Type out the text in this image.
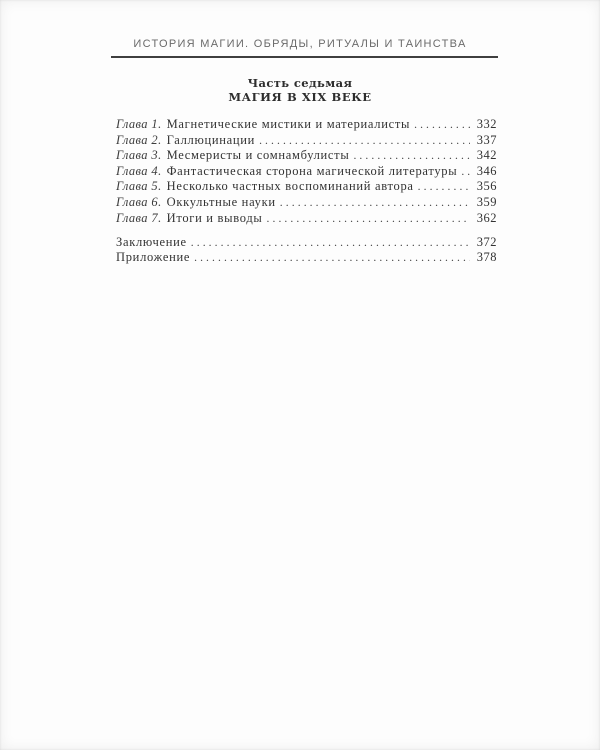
ИСТОРИЯ МАГИИ. ОБРЯДЫ, РИТУАЛЫ И ТАИНСТВА
Часть седьмая
МАГИЯ В XIX ВЕКЕ
Глава 1. Магнетические мистики и материалисты .....	332
Глава 2. Галлюцинации .....	337
Глава 3. Месмеристы и сомнамбулисты .....	342
Глава 4. Фантастическая сторона магической литературы .....	346
Глава 5. Несколько частных воспоминаний автора .....	356
Глава 6. Оккультные науки .....	359
Глава 7. Итоги и выводы .....	362
Заключение .....	372
Приложение .....	378
